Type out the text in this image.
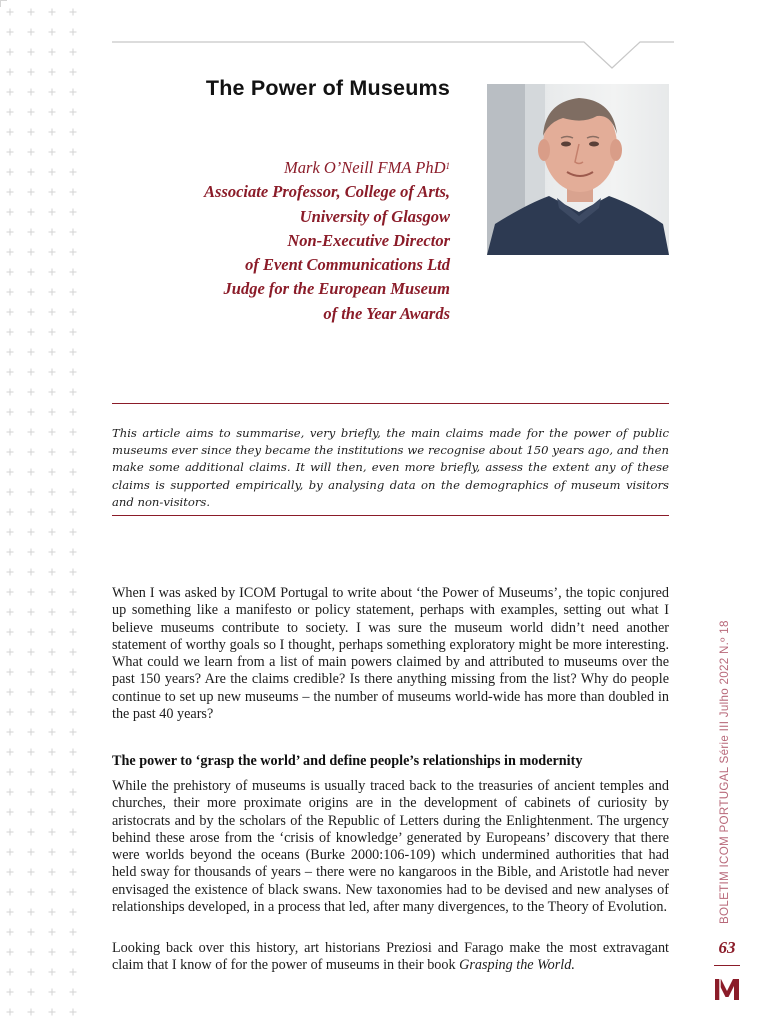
The Power of Museums
Mark O’Neill FMA PhD$^1$
Associate Professor, College of Arts,
University of Glasgow
Non-Executive Director
of Event Communications Ltd
Judge for the European Museum
of the Year Awards
This article aims to summarise, very briefly, the main claims made for the power of public museums ever since they became the institutions we recognise about 150 years ago, and then make some additional claims. It will then, even more briefly, assess the extent any of these claims is supported empirically, by analysing data on the demographics of museum visitors and non-visitors.
When I was asked by ICOM Portugal to write about ‘the Power of Museums’, the topic conjured up something like a manifesto or policy statement, perhaps with examples, setting out what I believe museums contribute to society. I was sure the museum world didn’t need another statement of worthy goals so I thought, perhaps something exploratory might be more interesting. What could we learn from a list of main powers claimed by and attributed to museums over the past 150 years? Are the claims credible? Is there anything missing from the list? Why do people continue to set up new museums – the number of museums world-wide has more than doubled in the past 40 years?
The power to ‘grasp the world’ and define people’s relationships in modernity
While the prehistory of museums is usually traced back to the treasuries of ancient temples and churches, their more proximate origins are in the development of cabinets of curiosity by aristocrats and by the scholars of the Republic of Letters during the Enlightenment. The urgency behind these arose from the ‘crisis of knowledge’ generated by Europeans’ discovery that there were worlds beyond the oceans (Burke 2000:106-109) which undermined authorities that had held sway for thousands of years – there were no kangaroos in the Bible, and Aristotle had never envisaged the existence of black swans. New taxonomies had to be devised and new analyses of relationships developed, in a process that led, after many divergences, to the Theory of Evolution.
Looking back over this history, art historians Preziosi and Farago make the most extravagant claim that I know of for the power of museums in their book Grasping the World.
BOLETIM ICOM PORTUGAL Série III Julho 2022 N.º 18
63
